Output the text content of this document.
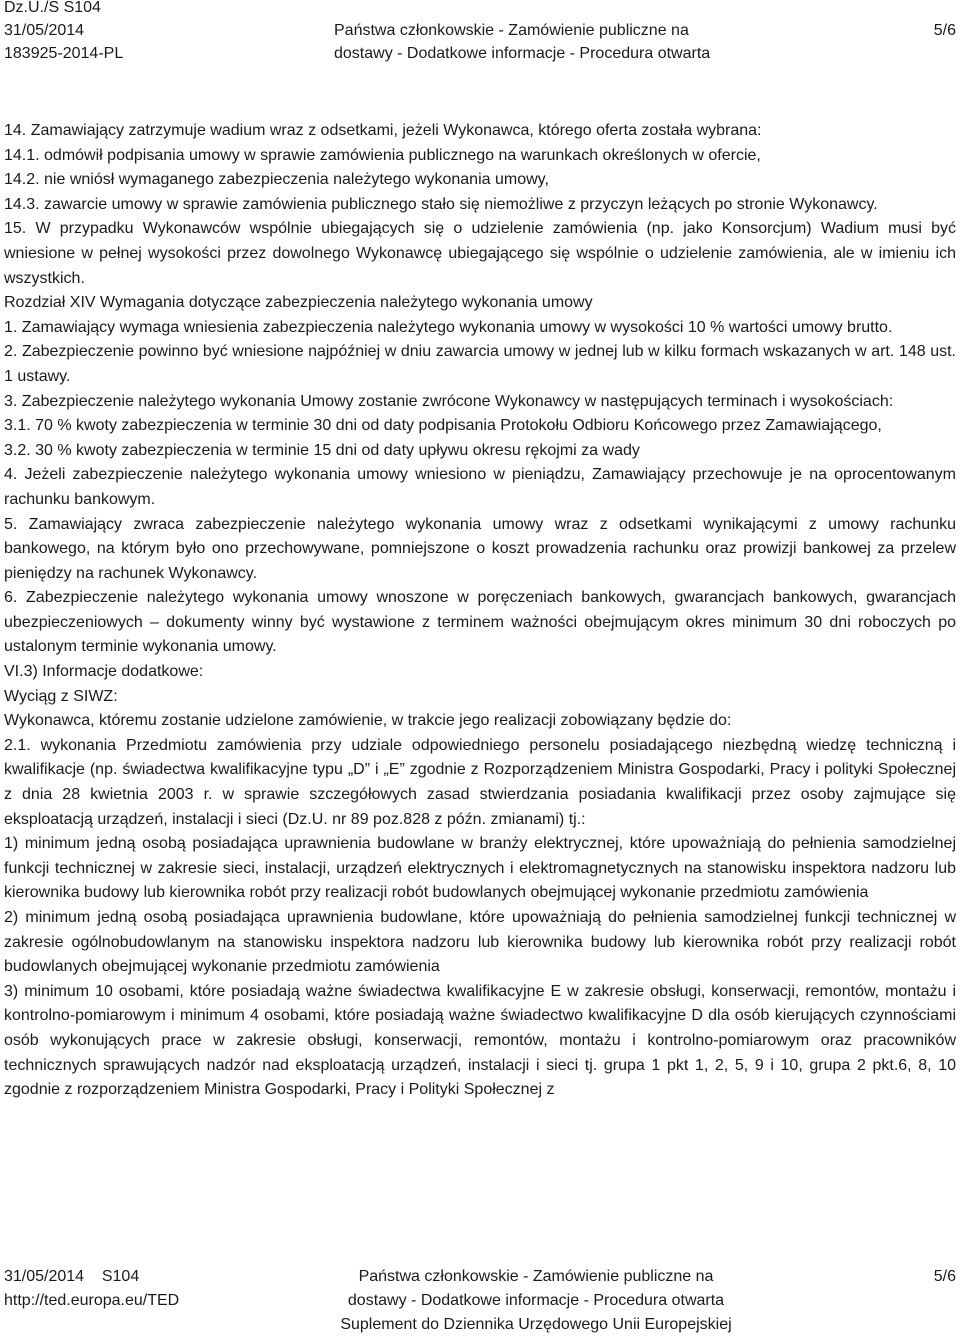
Dz.U./S S104
31/05/2014
183925-2014-PL
Państwa członkowskie - Zamówienie publiczne na
dostawy - Dodatkowe informacje - Procedura otwarta
5/6

14. Zamawiający zatrzymuje wadium wraz z odsetkami, jeżeli Wykonawca, którego oferta została wybrana:

14.1. odmówił podpisania umowy w sprawie zamówienia publicznego na warunkach określonych w ofercie,

14.2. nie wniósł wymaganego zabezpieczenia należytego wykonania umowy,

14.3. zawarcie umowy w sprawie zamówienia publicznego stało się niemożliwe z przyczyn leżących po stronie Wykonawcy.

15. W przypadku Wykonawców wspólnie ubiegających się o udzielenie zamówienia (np. jako Konsorcjum) Wadium musi być wniesione w pełnej wysokości przez dowolnego Wykonawcę ubiegającego się wspólnie o udzielenie zamówienia, ale w imieniu ich wszystkich.

Rozdział XIV Wymagania dotyczące zabezpieczenia należytego wykonania umowy

1. Zamawiający wymaga wniesienia zabezpieczenia należytego wykonania umowy w wysokości 10 % wartości umowy brutto.

2. Zabezpieczenie powinno być wniesione najpóźniej w dniu zawarcia umowy w jednej lub w kilku formach wskazanych w art. 148 ust. 1 ustawy.

3. Zabezpieczenie należytego wykonania Umowy zostanie zwrócone Wykonawcy w następujących terminach i wysokościach:

3.1. 70 % kwoty zabezpieczenia w terminie 30 dni od daty podpisania Protokołu Odbioru Końcowego przez Zamawiającego,

3.2. 30 % kwoty zabezpieczenia w terminie 15 dni od daty upływu okresu rękojmi za wady

4. Jeżeli zabezpieczenie należytego wykonania umowy wniesiono w pieniądzu, Zamawiający przechowuje je na oprocentowanym rachunku bankowym.

5. Zamawiający zwraca zabezpieczenie należytego wykonania umowy wraz z odsetkami wynikającymi z umowy rachunku bankowego, na którym było ono przechowywane, pomniejszone o koszt prowadzenia rachunku oraz prowizji bankowej za przelew pieniędzy na rachunek Wykonawcy.

6. Zabezpieczenie należytego wykonania umowy wnoszone w poręczeniach bankowych, gwarancjach bankowych, gwarancjach ubezpieczeniowych – dokumenty winny być wystawione z terminem ważności obejmującym okres minimum 30 dni roboczych po ustalonym terminie wykonania umowy.

VI.3) Informacje dodatkowe:

Wyciąg z SIWZ:

Wykonawca, któremu zostanie udzielone zamówienie, w trakcie jego realizacji zobowiązany będzie do:

2.1. wykonania Przedmiotu zamówienia przy udziale odpowiedniego personelu posiadającego niezbędną wiedzę techniczną i kwalifikacje (np. świadectwa kwalifikacyjne typu „D” i „E” zgodnie z Rozporządzeniem Ministra Gospodarki, Pracy i polityki Społecznej z dnia 28 kwietnia 2003 r. w sprawie szczegółowych zasad stwierdzania posiadania kwalifikacji przez osoby zajmujące się eksploatacją urządzeń, instalacji i sieci (Dz.U. nr 89 poz.828 z późn. zmianami) tj.:

1) minimum jedną osobą posiadająca uprawnienia budowlane w branży elektrycznej, które upoważniają do pełnienia samodzielnej funkcji technicznej w zakresie sieci, instalacji, urządzeń elektrycznych i elektromagnetycznych na stanowisku inspektora nadzoru lub kierownika budowy lub kierownika robót przy realizacji robót budowlanych obejmującej wykonanie przedmiotu zamówienia

2) minimum jedną osobą posiadająca uprawnienia budowlane, które upoważniają do pełnienia samodzielnej funkcji technicznej w zakresie ogólnobudowlanym na stanowisku inspektora nadzoru lub kierownika budowy lub kierownika robót przy realizacji robót budowlanych obejmującej wykonanie przedmiotu zamówienia

3) minimum 10 osobami, które posiadają ważne świadectwa kwalifikacyjne E w zakresie obsługi, konserwacji, remontów, montażu i kontrolno-pomiarowym i minimum 4 osobami, które posiadają ważne świadectwo kwalifikacyjne D dla osób kierujących czynnościami osób wykonujących prace w zakresie obsługi, konserwacji, remontów, montażu i kontrolno-pomiarowym oraz pracowników technicznych sprawujących nadzór nad eksploatacją urządzeń, instalacji i sieci tj. grupa 1 pkt 1, 2, 5, 9 i 10, grupa 2 pkt.6, 8, 10 zgodnie z rozporządzeniem Ministra Gospodarki, Pracy i Polityki Społecznej z

31/05/2014    S104
http://ted.europa.eu/TED
Państwa członkowskie - Zamówienie publiczne na
dostawy - Dodatkowe informacje - Procedura otwarta
Suplement do Dziennika Urzędowego Unii Europejskiej
5/6
